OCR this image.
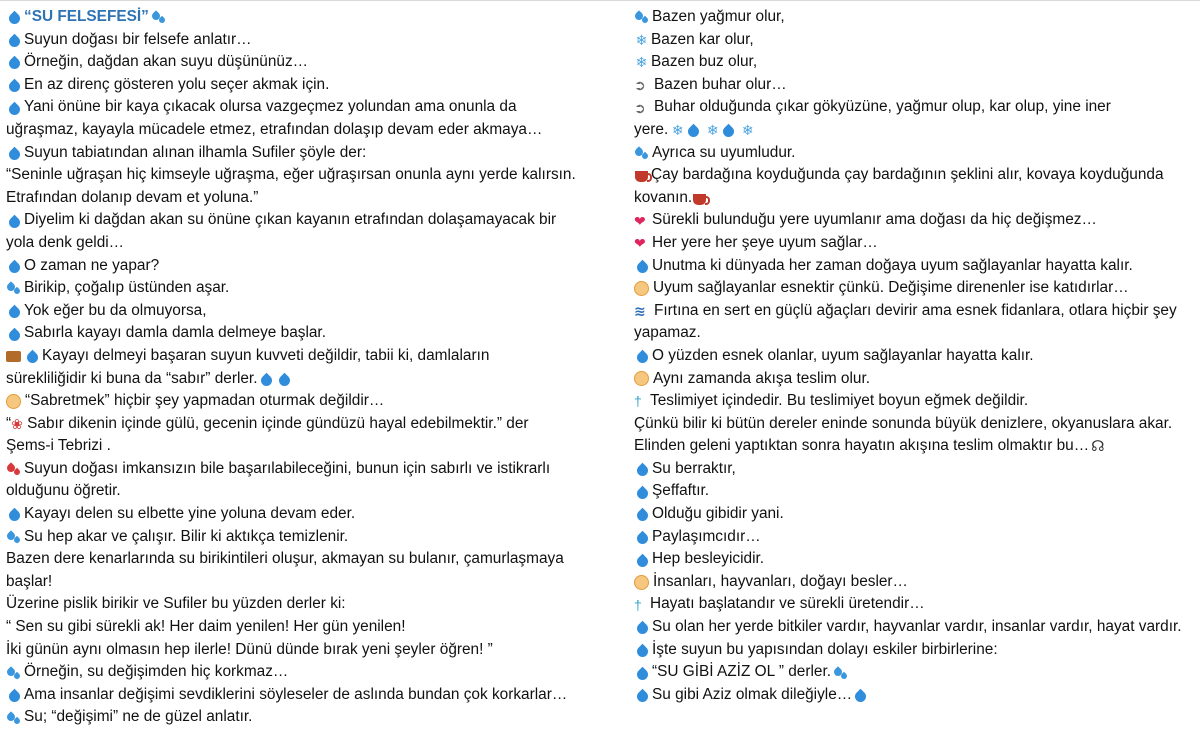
“SU FELSEFESİ”
Suyun doğası bir felsefe anlatır…
Örneğin, dağdan akan suyu düşününüz…
En az direnç gösteren yolu seçer akmak için.
Yani önüne bir kaya çıkacak olursa vazgeçmez yolundan ama onunla da
uğraşmaz, kayayla mücadele etmez, etrafından dolaşıp devam eder akmaya…
Suyun tabiatından alınan ilhamla Sufiler şöyle der:
“Seninle uğraşan hiç kimseyle uğraşma, eğer uğraşırsan onunla aynı yerde kalırsın.
Etrafından dolanıp devam et yoluna.”
Diyelim ki dağdan akan su önüne çıkan kayanın etrafından dolaşamayacak bir
yola denk geldi…
O zaman ne yapar?
Birikip, çoğalıp üstünden aşar.
Yok eğer bu da olmuyorsa,
Sabırla kayayı damla damla delmeye başlar.
Kayayı delmeyi başaran suyun kuvveti değildir, tabii ki, damlaların
sürekliliğidir ki buna da “sabır” derler.
“Sabretmek” hiçbir şey yapmadan oturmak değildir…
“ ❀ Sabır dikenin içinde gülü, gecenin içinde gündüzü hayal edebilmektir.” der
Şems-i Tebrizi .
Suyun doğası imkansızın bile başarılabileceğini, bunun için sabırlı ve istikrarlı
olduğunu öğretir.
Kayayı delen su elbette yine yoluna devam eder.
Su hep akar ve çalışır. Bilir ki aktıkça temizlenir.
Bazen dere kenarlarında su birikintileri oluşur, akmayan su bulanır, çamurlaşmaya
başlar!
Üzerine pislik birikir ve Sufiler bu yüzden derler ki:
“ Sen su gibi sürekli ak! Her daim yenilen! Her gün yenilen!
İki günün aynı olmasın hep ilerle! Dünü dünde bırak yeni şeyler öğren! ”
Örneğin, su değişimden hiç korkmaz…
Ama insanlar değişimi sevdiklerini söyleseler de aslında bundan çok korkarlar…
Su; “değişimi” ne de güzel anlatır.
Bazen yağmur olur,
❄ Bazen kar olur,
❄ Bazen buz olur,
➲ Bazen buhar olur…
➲ Buhar olduğunda çıkar gökyüzüne, yağmur olup, kar olup, yine iner
yere. ❄ ❄ ❄
Ayrıca su uyumludur.
Çay bardağına koyduğunda çay bardağının şeklini alır, kovaya koyduğunda
kovanın.
❤ Sürekli bulunduğu yere uyumlanır ama doğası da hiç değişmez…
❤ Her yere her şeye uyum sağlar…
Unutma ki dünyada her zaman doğaya uyum sağlayanlar hayatta kalır.
Uyum sağlayanlar esnektir çünkü. Değişime direnenler ise katıdırlar…
≋ Fırtına en sert en güçlü ağaçları devirir ama esnek fidanlara, otlara hiçbir şey
yapamaz.
O yüzden esnek olanlar, uyum sağlayanlar hayatta kalır.
Aynı zamanda akışa teslim olur.
† Teslimiyet içindedir. Bu teslimiyet boyun eğmek değildir.
Çünkü bilir ki bütün dereler eninde sonunda büyük denizlere, okyanuslara akar.
Elinden geleni yaptıktan sonra hayatın akışına teslim olmaktır bu… ☊
Su berraktır,
Şeffaftır.
Olduğu gibidir yani.
Paylaşımcıdır…
Hep besleyicidir.
İnsanları, hayvanları, doğayı besler…
† Hayatı başlatandır ve sürekli üretendir…
Su olan her yerde bitkiler vardır, hayvanlar vardır, insanlar vardır, hayat vardır.
İşte suyun bu yapısından dolayı eskiler birbirlerine:
“SU GİBİ AZİZ OL ” derler.
Su gibi Aziz olmak dileğiyle…
